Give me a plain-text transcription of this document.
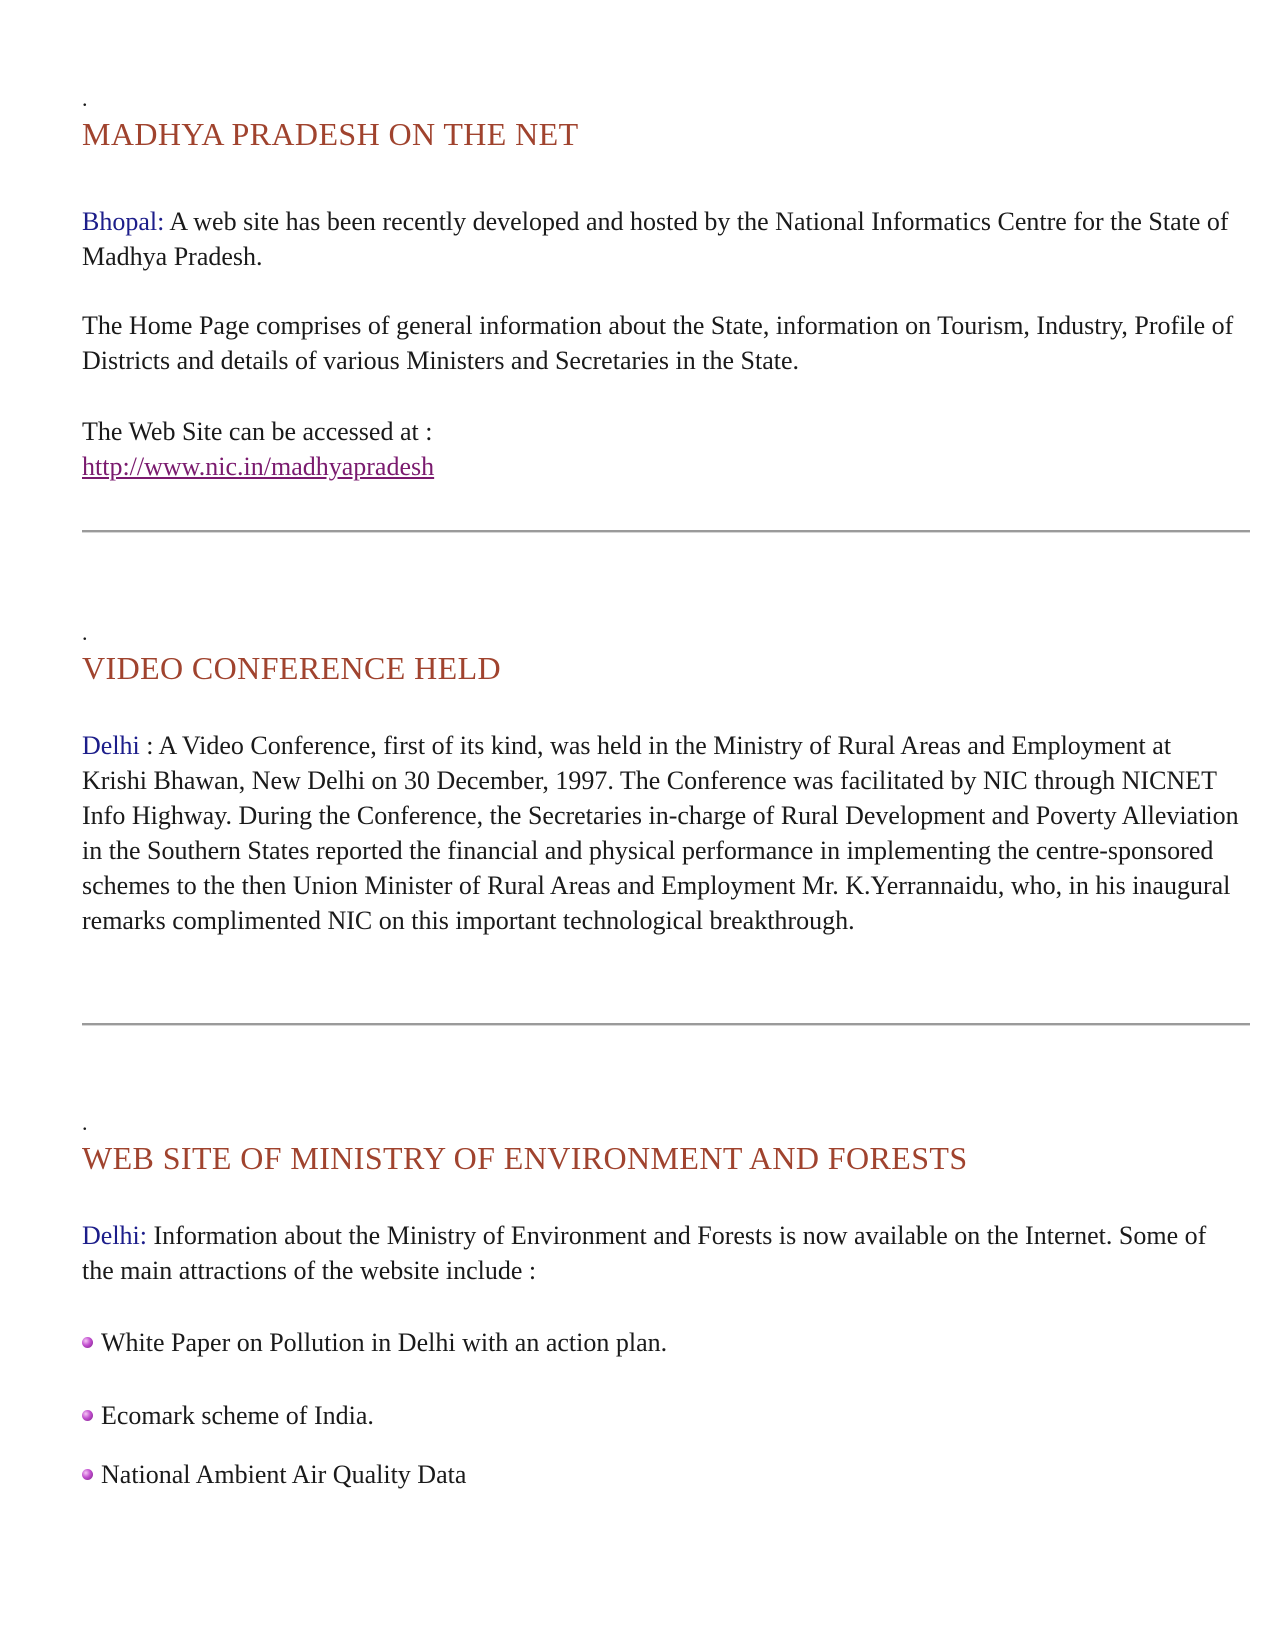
.
MADHYA PRADESH ON THE NET

Bhopal: A web site has been recently developed and hosted by the National Informatics Centre for the State of Madhya Pradesh.

The Home Page comprises of general information about the State, information on Tourism, Industry, Profile of Districts and details of various Ministers and Secretaries in the State.

The Web Site can be accessed at :

http://www.nic.in/madhyapradesh
.
VIDEO CONFERENCE HELD

Delhi : A Video Conference, first of its kind, was held in the Ministry of Rural Areas and Employment at Krishi Bhawan, New Delhi on 30 December, 1997. The Conference was facilitated by NIC through NICNET Info Highway. During the Conference, the Secretaries in-charge of Rural Development and Poverty Alleviation in the Southern States reported the financial and physical performance in implementing the centre-sponsored schemes to the then Union Minister of Rural Areas and Employment Mr. K.Yerrannaidu, who, in his inaugural remarks complimented NIC on this important technological breakthrough.

.
WEB SITE OF MINISTRY OF ENVIRONMENT AND FORESTS

Delhi: Information about the Ministry of Environment and Forests is now available on the Internet. Some of the main attractions of the website include :

White Paper on Pollution in Delhi with an action plan.
Ecomark scheme of India.
National Ambient Air Quality Data
